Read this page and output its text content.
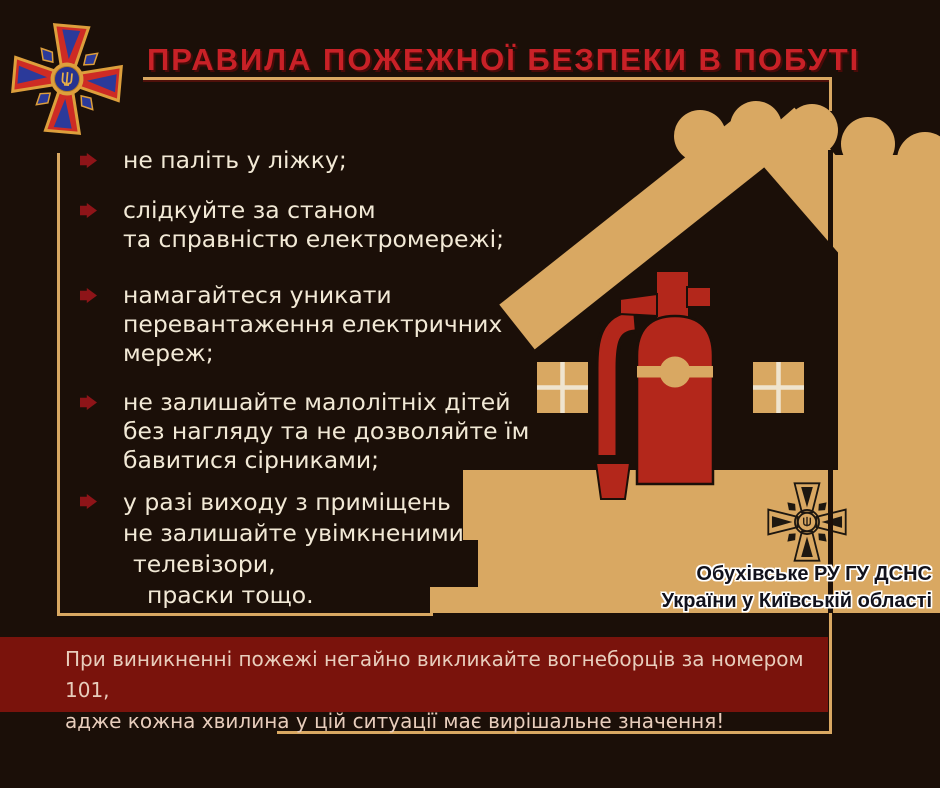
ПРАВИЛА ПОЖЕЖНОЇ БЕЗПЕКИ В ПОБУТІ
не паліть у ліжку;
слідкуйте за станом
та справністю електромережі;
намагайтеся уникати
перевантаження електричних
мереж;
не залишайте малолітніх дітей
без нагляду та не дозволяйте їм
бавитися сірниками;
у разі виходу з приміщень
не залишайте увімкненими
телевізори,
праски тощо.
Обухівське РУ ГУ ДСНС
України у Київській області
При виникненні пожежі негайно викликайте вогнеборців за номером 101,
адже кожна хвилина у цій ситуації має вирішальне значення!
